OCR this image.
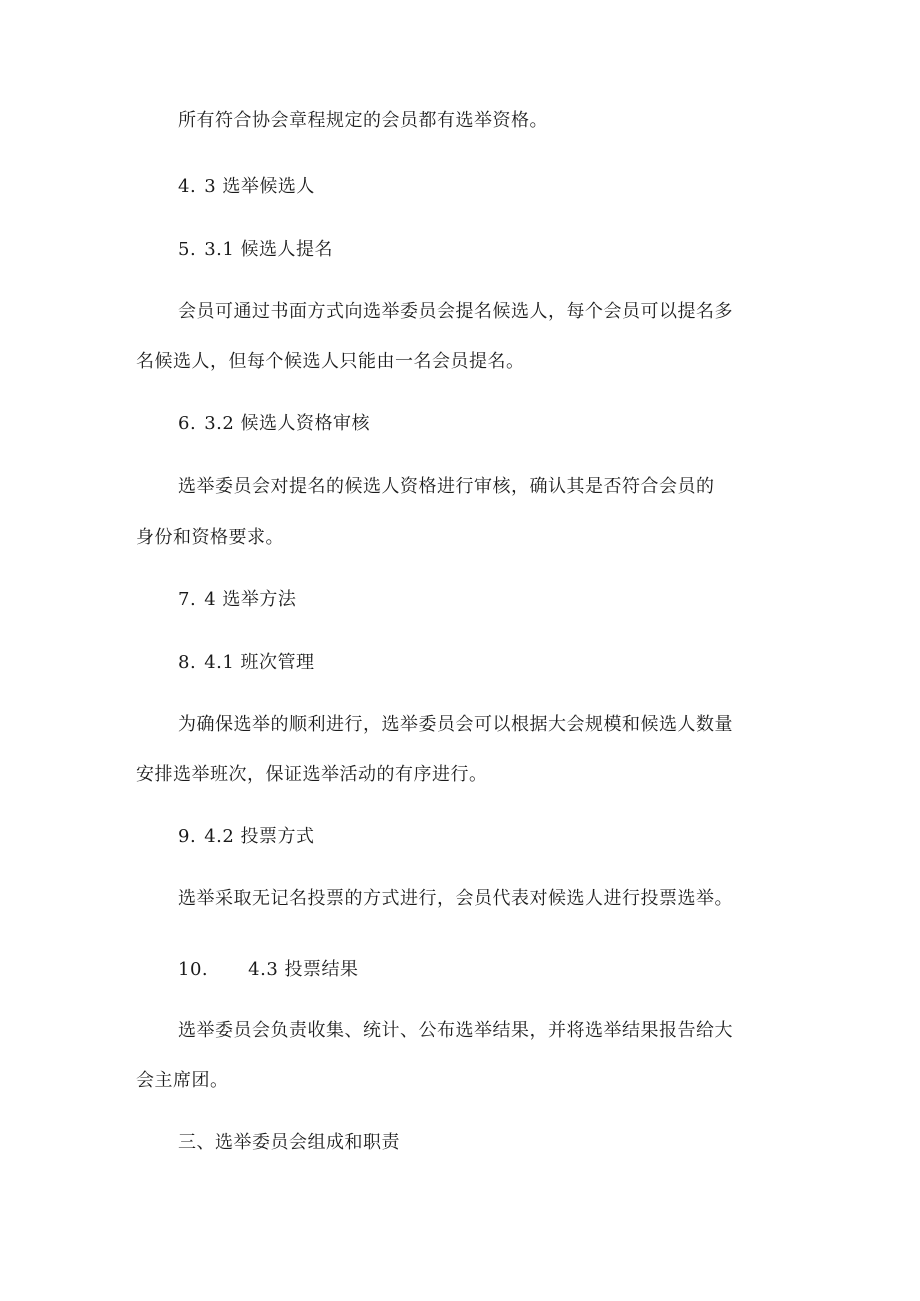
所有符合协会章程规定的会员都有选举资格。
4. 3 选举候选人
5. 3.1 候选人提名
会员可通过书面方式向选举委员会提名候选人，每个会员可以提名多
名候选人，但每个候选人只能由一名会员提名。
6. 3.2 候选人资格审核
选举委员会对提名的候选人资格进行审核，确认其是否符合会员的
身份和资格要求。
7. 4 选举方法
8. 4.1 班次管理
为确保选举的顺利进行，选举委员会可以根据大会规模和候选人数量
安排选举班次，保证选举活动的有序进行。
9. 4.2 投票方式
选举采取无记名投票的方式进行，会员代表对候选人进行投票选举。
10. 4.3 投票结果
选举委员会负责收集、统计、公布选举结果，并将选举结果报告给大
会主席团。
三、选举委员会组成和职责
